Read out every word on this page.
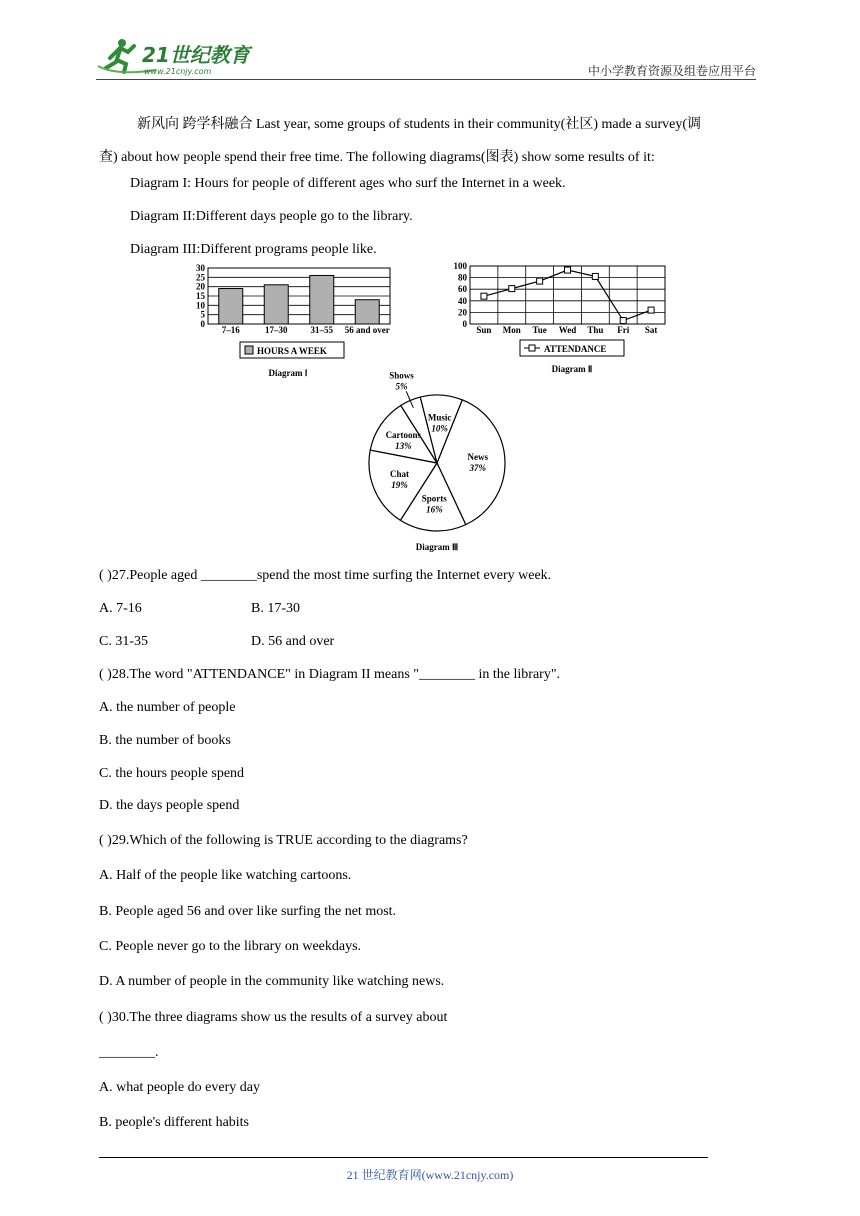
21世纪教育
www.21cnjy.com	中小学教育资源及组卷应用平台
新风向 跨学科融合 Last year, some groups of students in their community(社区) made a survey(调
查) about how people spend their free time. The following diagrams(图表) show some results of it:
Diagram I: Hours for people of different ages who surf the Internet in a week.
Diagram II:Different days people go to the library.
Diagram III:Different programs people like.
0
5
10
15
20
25
30
7–16	17–30	31–55 56 and over
HOURS A WEEK
Diagram Ⅰ
0
20
40
60
80
100
Sun Mon Tue Wed Thu Fri Sat
ATTENDANCE
Diagram Ⅱ
News
37%
Sports
16%
Chat
19%
Cartoons
13%
Shows
5%
Music
10%
Diagram Ⅲ
( )27.People aged ________spend the most time surfing the Internet every week.
A. 7-16	B. 17-30
C. 31-35	D. 56 and over
( )28.The word "ATTENDANCE" in Diagram II means "________ in the library".
A. the number of people
B. the number of books
C. the hours people spend
D. the days people spend
( )29.Which of the following is TRUE according to the diagrams?
A. Half of the people like watching cartoons.
B. People aged 56 and over like surfing the net most.
C. People never go to the library on weekdays.
D. A number of people in the community like watching news.
( )30.The three diagrams show us the results of a survey about
________.
A. what people do every day
B. people's different habits
21 世纪教育网(www.21cnjy.com)
